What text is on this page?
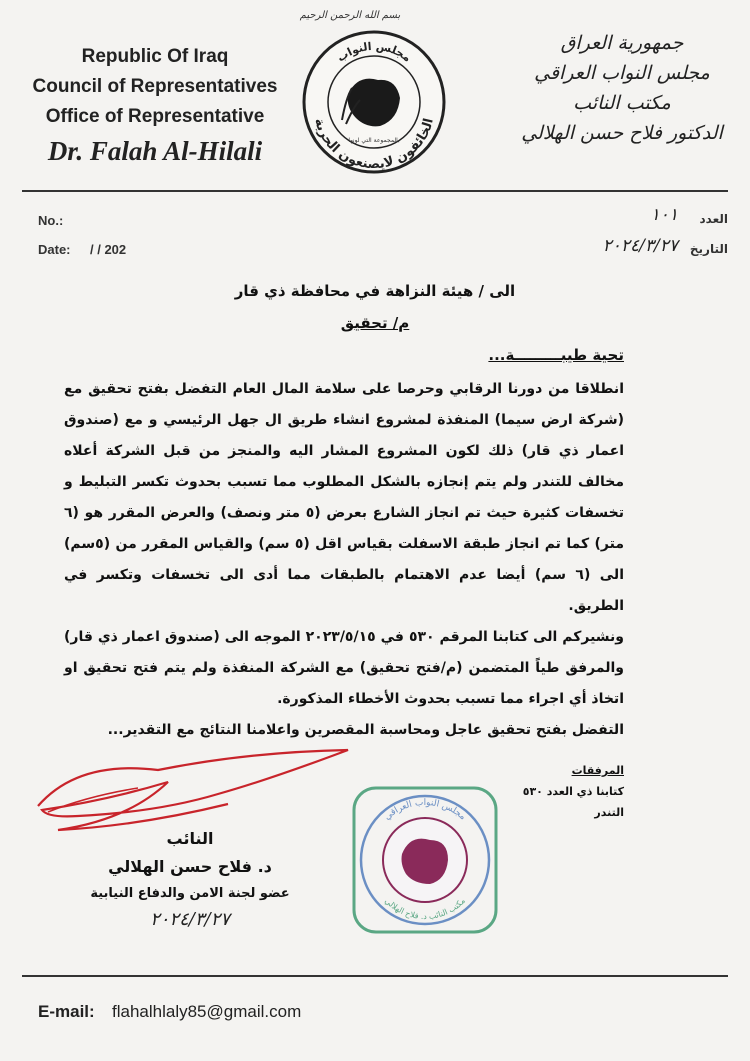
بسم الله الرحمن الرحيم
Republic Of Iraq
Council of Representatives
Office of Representative
Dr. Falah Al-Hilali
مجلس النواب
الخائفون لايصنعون الحرية
بالمجموعة التي لونها
جمهورية العراق
مجلس النواب العراقي
مكتب النائب
الدكتور فلاح حسن الهلالي
No.:
Date: / / 202
العدد
١٠١
التاريخ
٢٠٢٤/٣/٢٧
الى / هيئة النزاهة في محافظة ذي قار
م/ تحقيق
تحية طيبـــــــــة...

انطلاقا من دورنا الرقابي وحرصا على سلامة المال العام التفضل بفتح تحقيق مع (شركة ارض سيما) المنفذة لمشروع انشاء طريق ال جهل الرئيسي و مع (صندوق اعمار ذي قار) ذلك لكون المشروع المشار اليه والمنجز من قبل الشركة أعلاه مخالف للتندر ولم يتم إنجازه بالشكل المطلوب مما تسبب بحدوث تكسر التبليط و تخسفات كثيرة حيث تم انجاز الشارع بعرض (٥ متر ونصف) والعرض المقرر هو (٦ متر) كما تم انجاز طبقة الاسفلت بقياس اقل (٥ سم) والقياس المقرر من (٥سم) الى (٦ سم) أيضا عدم الاهتمام بالطبقات مما أدى الى تخسفات وتكسر في الطريق.

ونشيركم الى كتابنا المرقم ٥٣٠ في ٢٠٢٣/٥/١٥ الموجه الى (صندوق اعمار ذي قار) والمرفق طياً المتضمن (م/فتح تحقيق) مع الشركة المنفذة ولم يتم فتح تحقيق او اتخاذ أي اجراء مما تسبب بحدوث الأخطاء المذكورة.

التفضل بفتح تحقيق عاجل ومحاسبة المقصرين واعلامنا النتائج مع التقدير...

المرفقات
كتابنا ذي العدد ٥٣٠
التندر
النائب
د. فلاح حسن الهلالي
عضو لجنة الامن والدفاع النيابية
٢٠٢٤/٣/٢٧
مجلس النواب العراقي
مكتب النائب د. فلاح الهلالي
E-mail: flahalhlaly85@gmail.com
